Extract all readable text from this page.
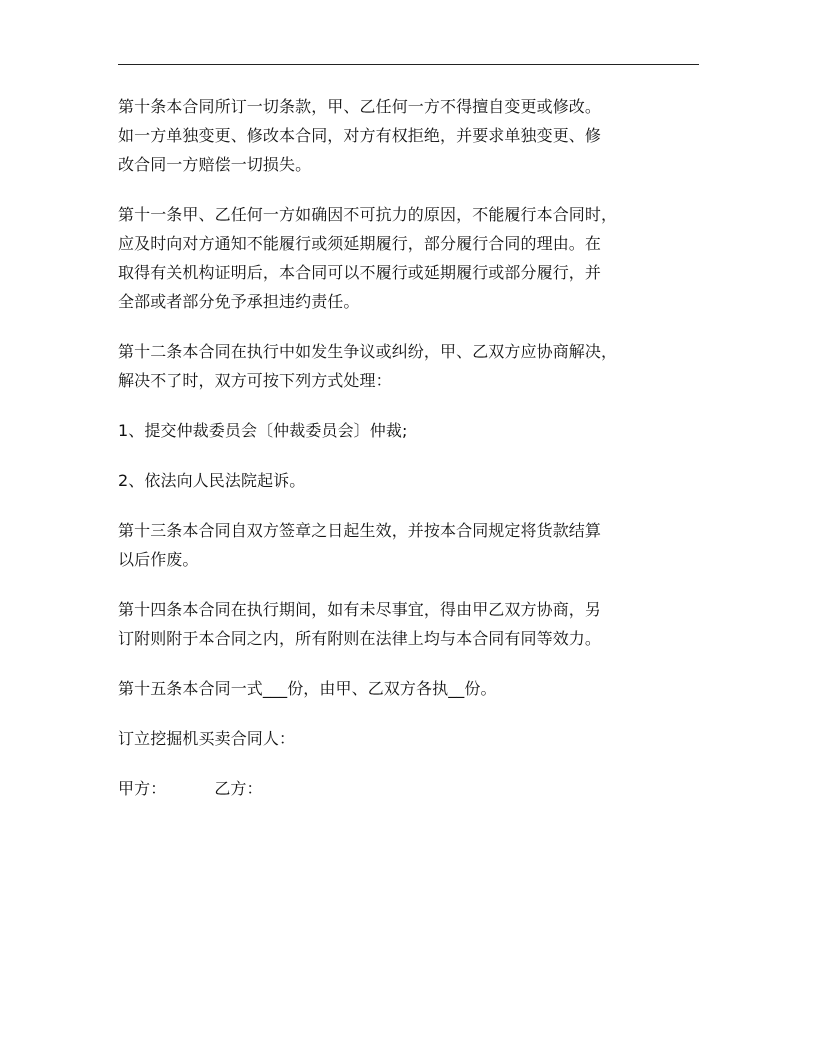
第十条本合同所订一切条款，甲、乙任何一方不得擅自变更或修改。
如一方单独变更、修改本合同，对方有权拒绝，并要求单独变更、修
改合同一方赔偿一切损失。

第十一条甲、乙任何一方如确因不可抗力的原因，不能履行本合同时，
应及时向对方通知不能履行或须延期履行，部分履行合同的理由。在
取得有关机构证明后，本合同可以不履行或延期履行或部分履行，并
全部或者部分免予承担违约责任。

第十二条本合同在执行中如发生争议或纠纷，甲、乙双方应协商解决，
解决不了时，双方可按下列方式处理：

1、提交仲裁委员会〔仲裁委员会〕仲裁;

2、依法向人民法院起诉。

第十三条本合同自双方签章之日起生效，并按本合同规定将货款结算
以后作废。

第十四条本合同在执行期间，如有未尽事宜，得由甲乙双方协商，另
订附则附于本合同之内，所有附则在法律上均与本合同有同等效力。

第十五条本合同一式___份，由甲、乙双方各执__份。

订立挖掘机买卖合同人：

甲方：	乙方：
